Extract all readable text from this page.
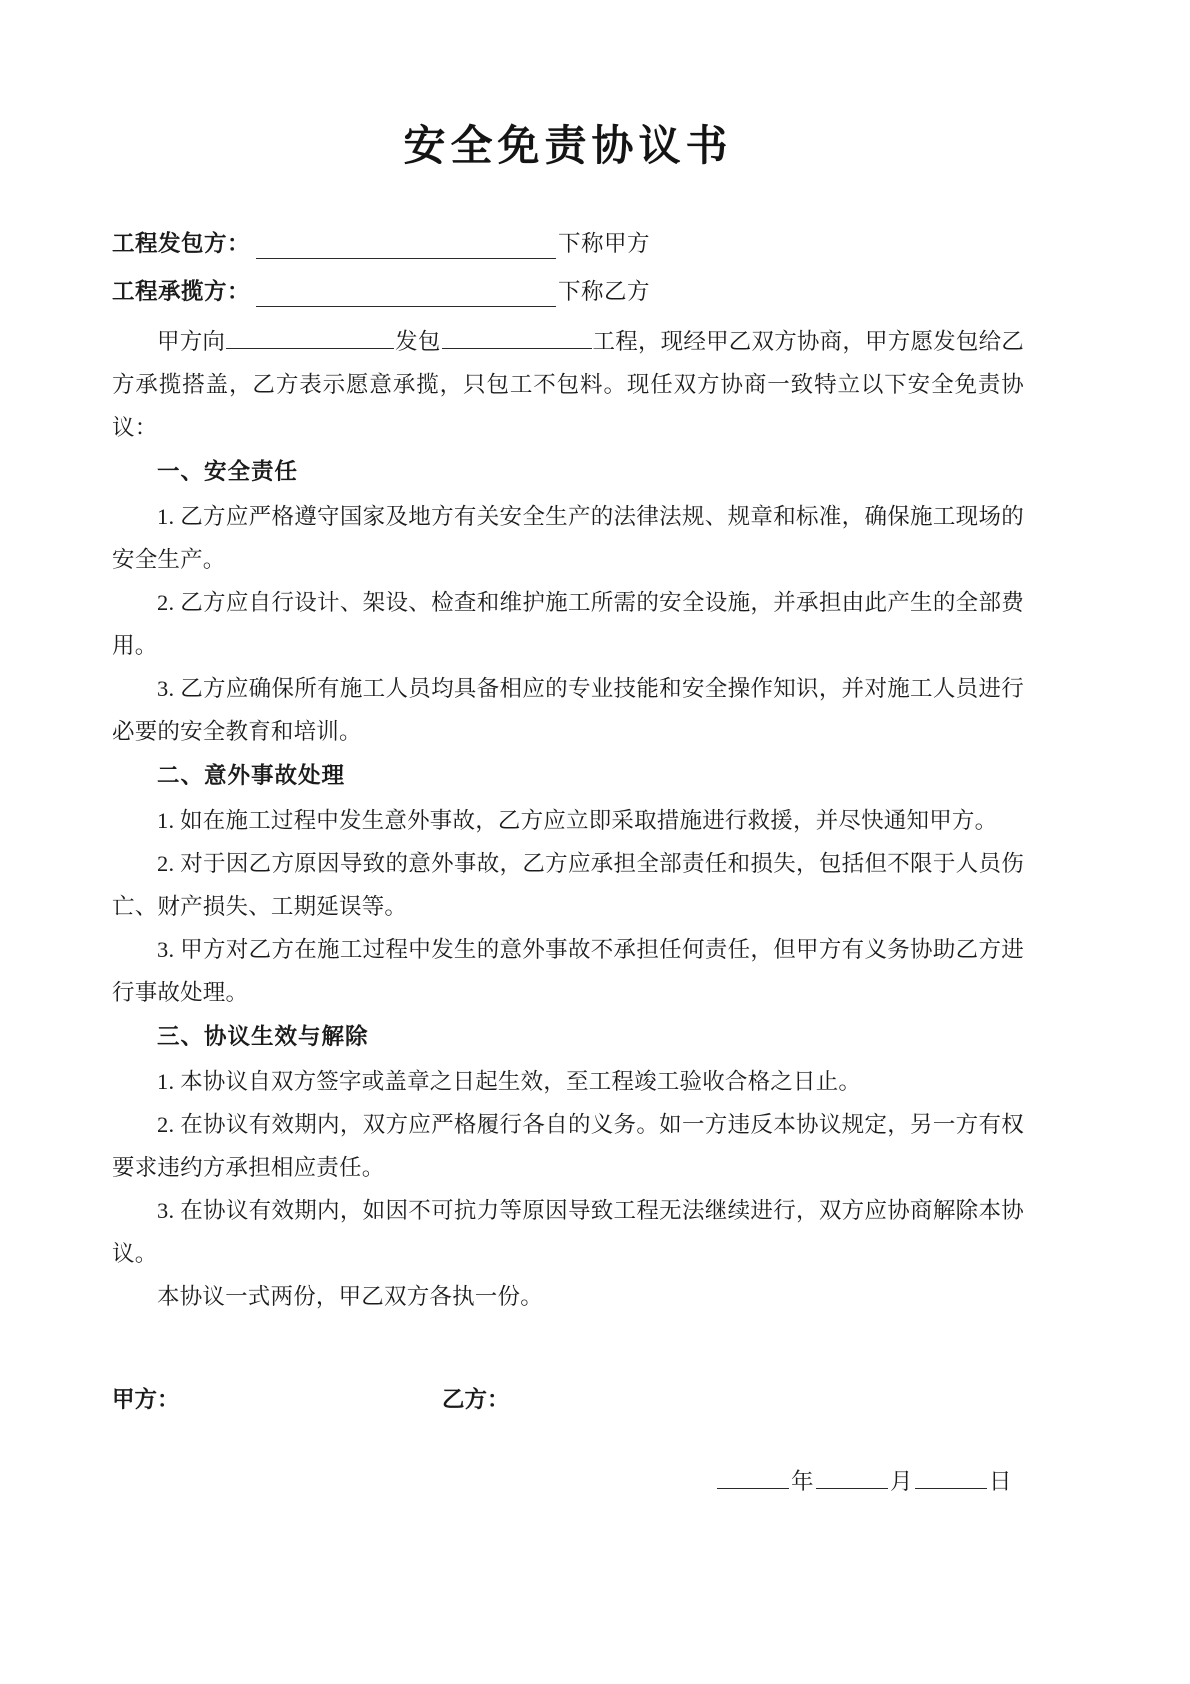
安全免责协议书
工程发包方：	下称甲方
工程承揽方：	下称乙方

甲方向	发包	工程，现经甲乙双方协商，甲方愿发包给乙方承揽搭盖，乙方表示愿意承揽，只包工不包料。现任双方协商一致特立以下安全免责协议：

一、安全责任

1. 乙方应严格遵守国家及地方有关安全生产的法律法规、规章和标准，确保施工现场的安全生产。

2. 乙方应自行设计、架设、检查和维护施工所需的安全设施，并承担由此产生的全部费用。

3. 乙方应确保所有施工人员均具备相应的专业技能和安全操作知识，并对施工人员进行必要的安全教育和培训。

二、意外事故处理

1. 如在施工过程中发生意外事故，乙方应立即采取措施进行救援，并尽快通知甲方。

2. 对于因乙方原因导致的意外事故，乙方应承担全部责任和损失，包括但不限于人员伤亡、财产损失、工期延误等。

3. 甲方对乙方在施工过程中发生的意外事故不承担任何责任，但甲方有义务协助乙方进行事故处理。

三、协议生效与解除

1. 本协议自双方签字或盖章之日起生效，至工程竣工验收合格之日止。

2. 在协议有效期内，双方应严格履行各自的义务。如一方违反本协议规定，另一方有权要求违约方承担相应责任。

3. 在协议有效期内，如因不可抗力等原因导致工程无法继续进行，双方应协商解除本协议。

本协议一式两份，甲乙双方各执一份。

甲方：	乙方：
年	月	日
